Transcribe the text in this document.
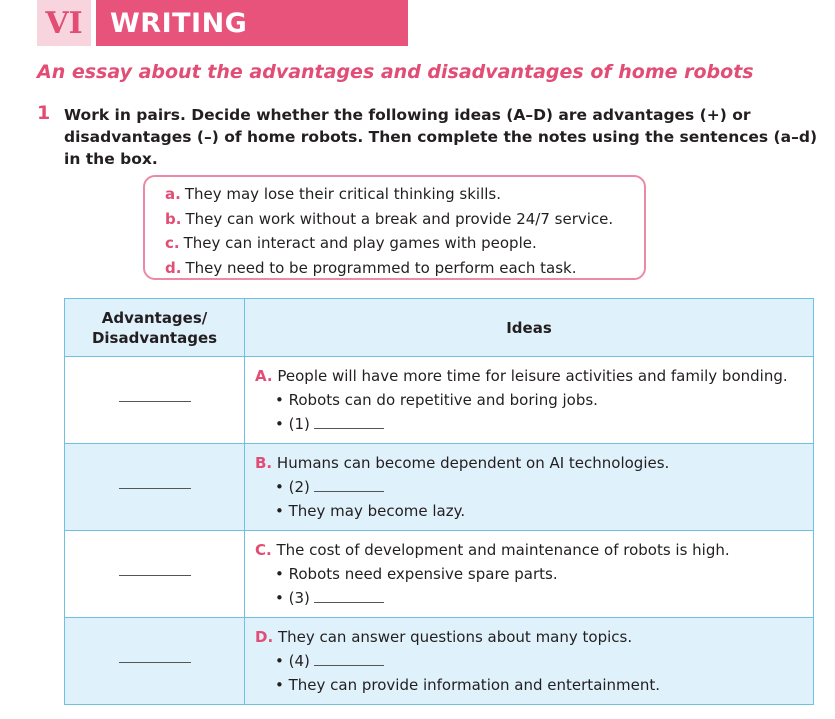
VI	WRITING
An essay about the advantages and disadvantages of home robots
1 Work in pairs. Decide whether the following ideas (A–D) are advantages (+) or disadvantages (–) of home robots. Then complete the notes using the sentences (a–d) in the box.
a. They may lose their critical thinking skills.
b. They can work without a break and provide 24/7 service.
c. They can interact and play games with people.
d. They need to be programmed to perform each task.
Advantages/ Disadvantages	Ideas

	A. People will have more time for leisure activities and family bonding.
• Robots can do repetitive and boring jobs.
• (1)

	B. Humans can become dependent on AI technologies.
• (2)
• They may become lazy.

	C. The cost of development and maintenance of robots is high.
• Robots need expensive spare parts.
• (3)

	D. They can answer questions about many topics.
• (4)
• They can provide information and entertainment.
